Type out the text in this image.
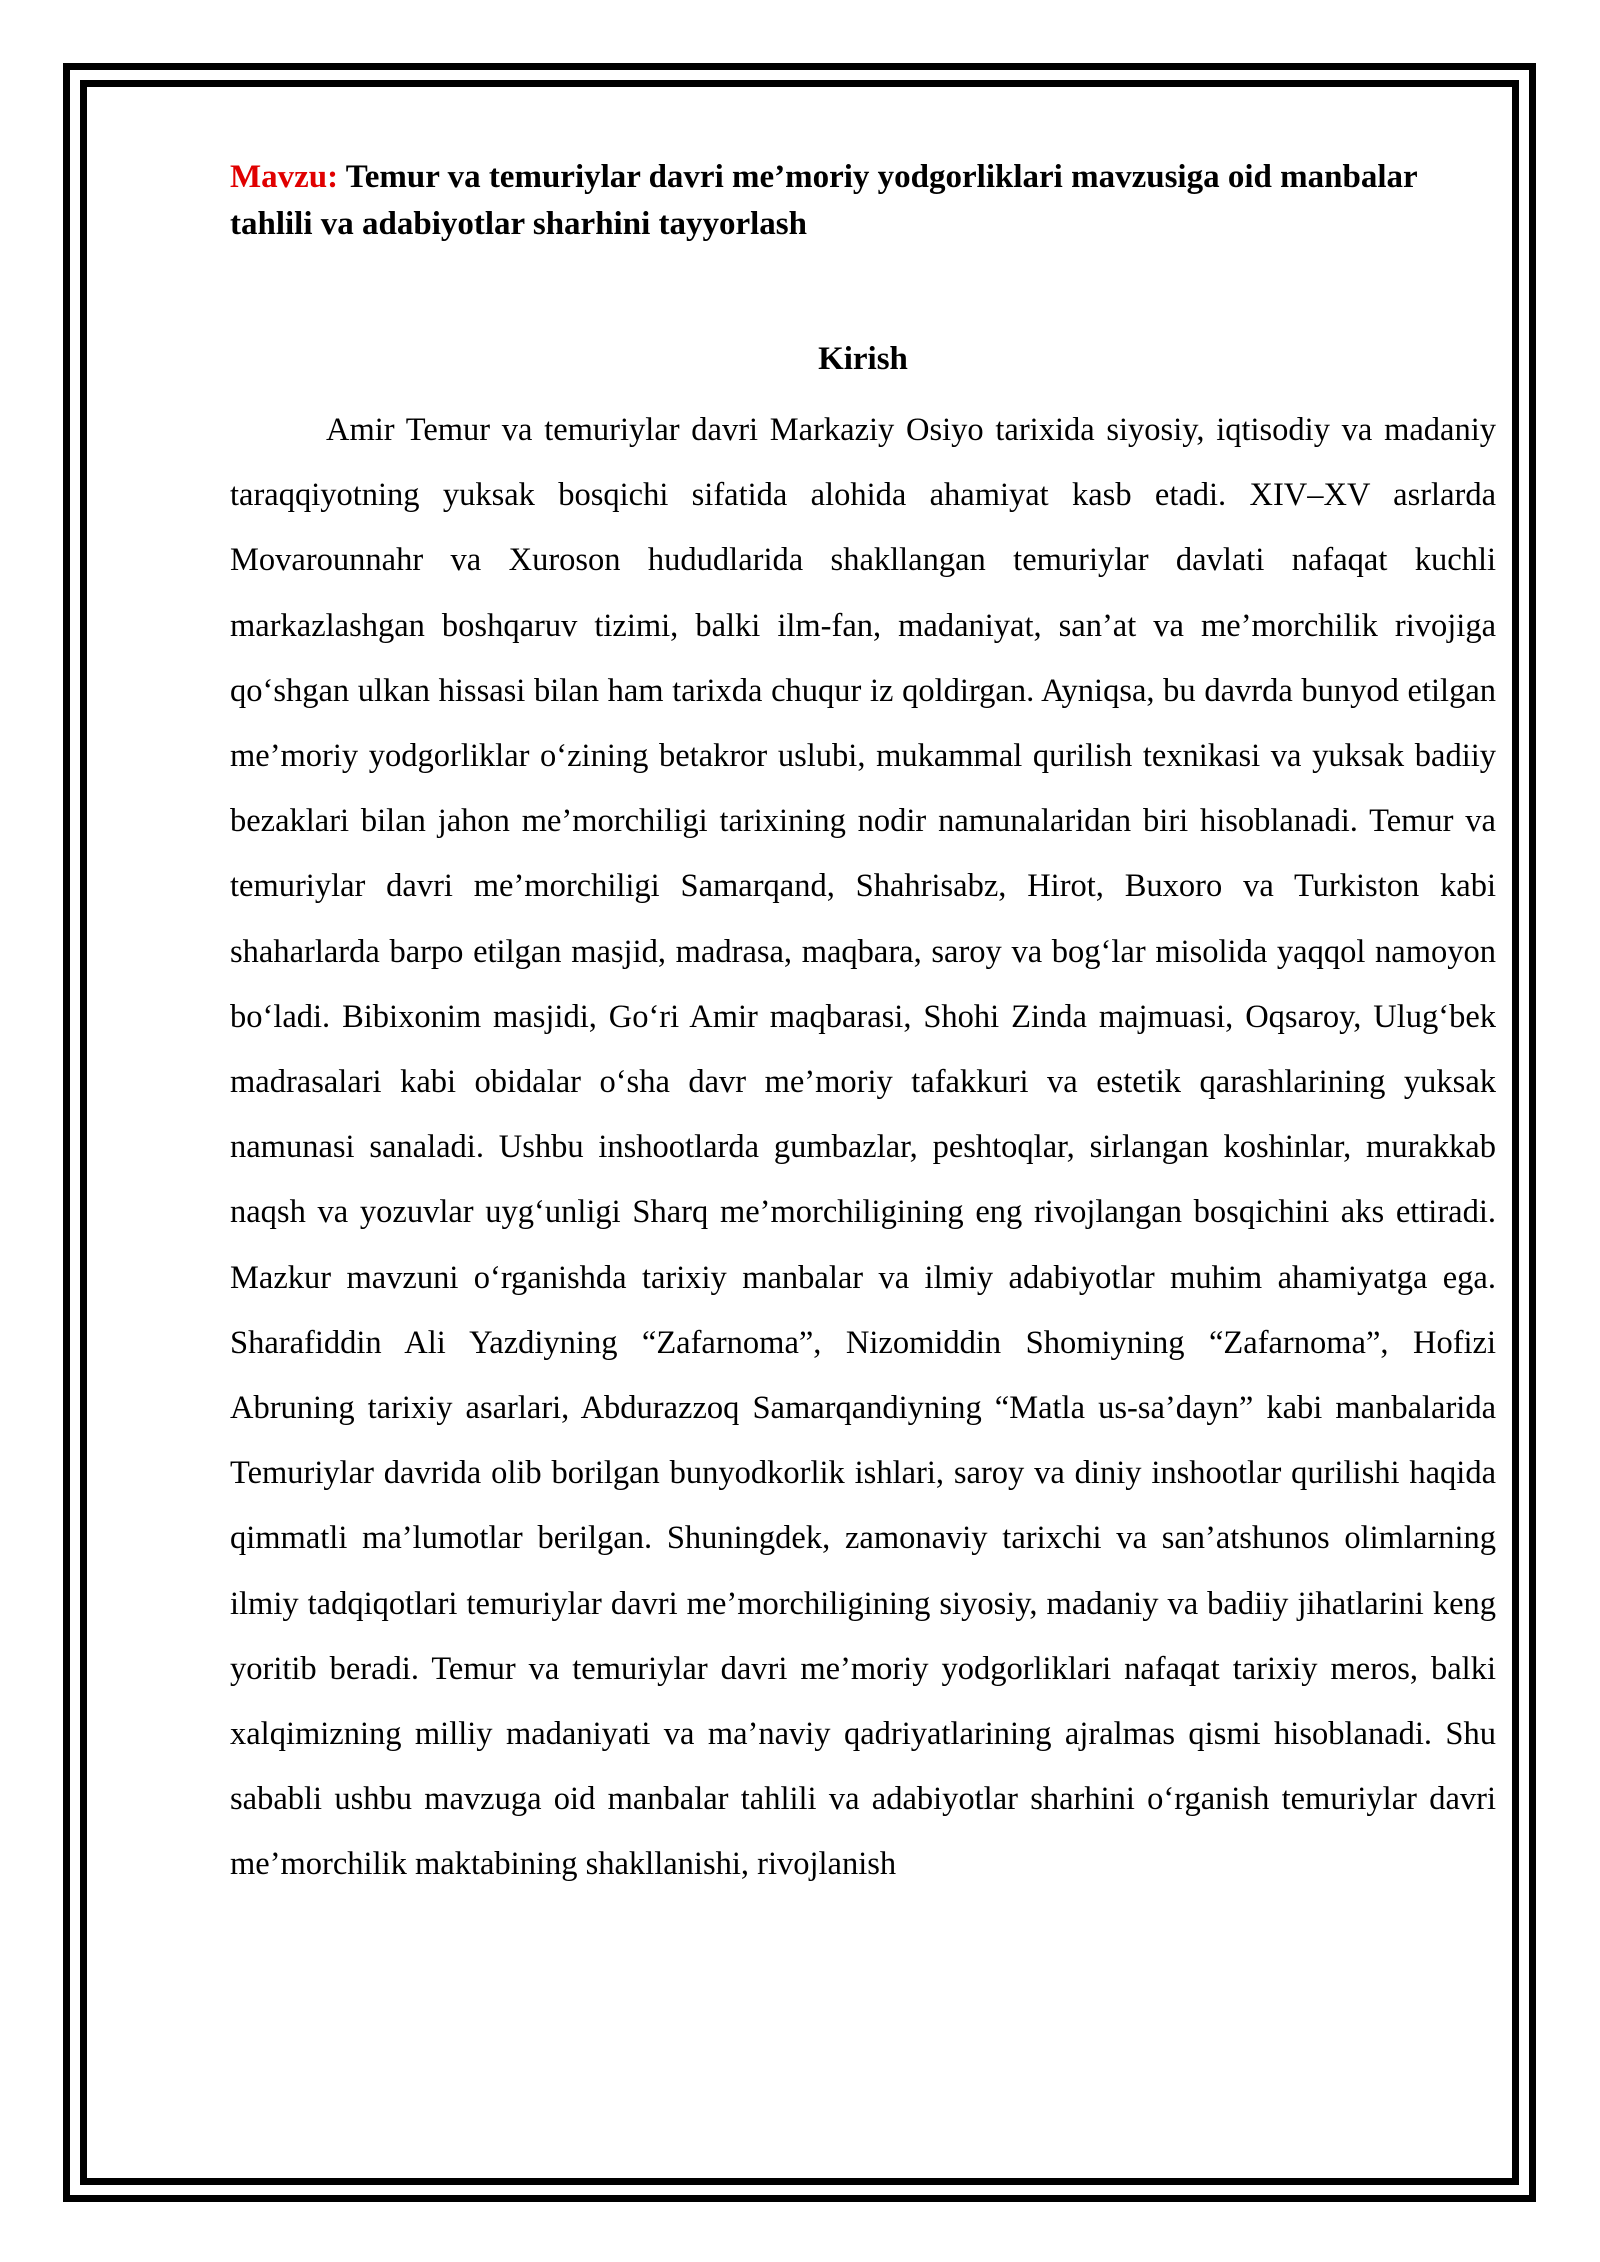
Mavzu: Temur va temuriylar davri me’moriy yodgorliklari mavzusiga oid manbalar tahlili va adabiyotlar sharhini tayyorlash

Kirish

Amir Temur va temuriylar davri Markaziy Osiyo tarixida siyosiy, iqtisodiy va madaniy taraqqiyotning yuksak bosqichi sifatida alohida ahamiyat kasb etadi. XIV–XV asrlarda Movarounnahr va Xuroson hududlarida shakllangan temuriylar davlati nafaqat kuchli markazlashgan boshqaruv tizimi, balki ilm-fan, madaniyat, san’at va me’morchilik rivojiga qo‘shgan ulkan hissasi bilan ham tarixda chuqur iz qoldirgan. Ayniqsa, bu davrda bunyod etilgan me’moriy yodgorliklar o‘zining betakror uslubi, mukammal qurilish texnikasi va yuksak badiiy bezaklari bilan jahon me’morchiligi tarixining nodir namunalaridan biri hisoblanadi. Temur va temuriylar davri me’morchiligi Samarqand, Shahrisabz, Hirot, Buxoro va Turkiston kabi shaharlarda barpo etilgan masjid, madrasa, maqbara, saroy va bog‘lar misolida yaqqol namoyon bo‘ladi. Bibixonim masjidi, Go‘ri Amir maqbarasi, Shohi Zinda majmuasi, Oqsaroy, Ulug‘bek madrasalari kabi obidalar o‘sha davr me’moriy tafakkuri va estetik qarashlarining yuksak namunasi sanaladi. Ushbu inshootlarda gumbazlar, peshtoqlar, sirlangan koshinlar, murakkab naqsh va yozuvlar uyg‘unligi Sharq me’morchiligining eng rivojlangan bosqichini aks ettiradi. Mazkur mavzuni o‘rganishda tarixiy manbalar va ilmiy adabiyotlar muhim ahamiyatga ega. Sharafiddin Ali Yazdiyning “Zafarnoma”, Nizomiddin Shomiyning “Zafarnoma”, Hofizi Abruning tarixiy asarlari, Abdurazzoq Samarqandiyning “Matla us-sa’dayn” kabi manbalarida Temuriylar davrida olib borilgan bunyodkorlik ishlari, saroy va diniy inshootlar qurilishi haqida qimmatli ma’lumotlar berilgan. Shuningdek, zamonaviy tarixchi va san’atshunos olimlarning ilmiy tadqiqotlari temuriylar davri me’morchiligining siyosiy, madaniy va badiiy jihatlarini keng yoritib beradi. Temur va temuriylar davri me’moriy yodgorliklari nafaqat tarixiy meros, balki xalqimizning milliy madaniyati va ma’naviy qadriyatlarining ajralmas qismi hisoblanadi. Shu sababli ushbu mavzuga oid manbalar tahlili va adabiyotlar sharhini o‘rganish temuriylar davri me’morchilik maktabining shakllanishi, rivojlanish
